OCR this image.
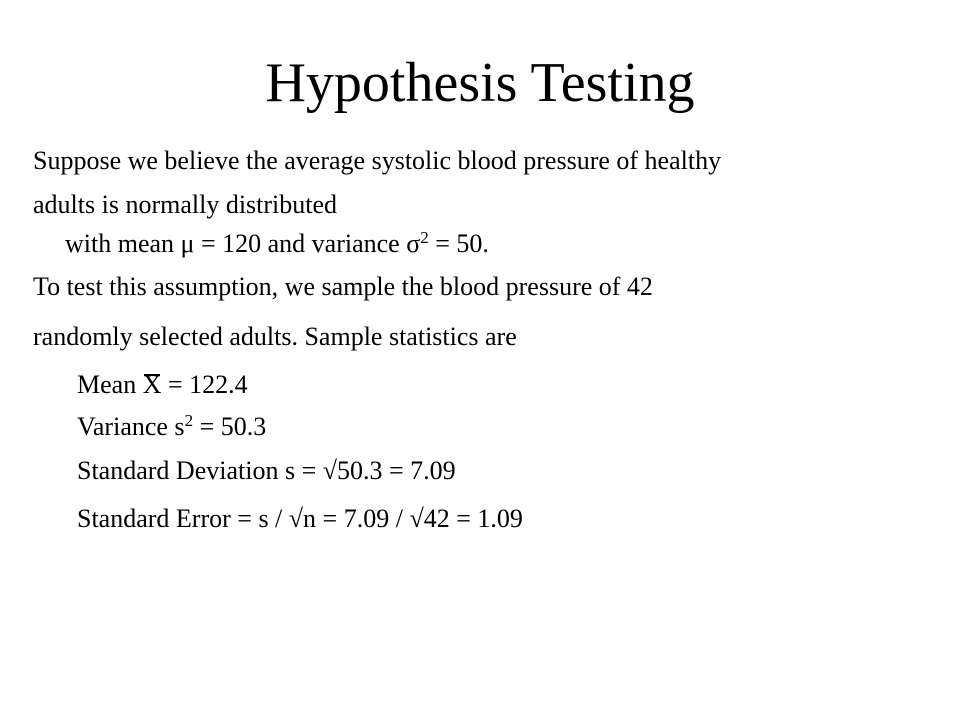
Hypothesis Testing
Suppose we believe the average systolic blood pressure of healthy
adults is normally distributed
with mean μ = 120 and variance $\sigma^2 = 50$.
To test this assumption, we sample the blood pressure of 42
randomly selected adults. Sample statistics are
Mean
X = 122.4
Variance $s^2 = 50.3$
Standard Deviation s = √50.3 = 7.09
Standard Error = s / √n = 7.09 / √42 = 1.09
